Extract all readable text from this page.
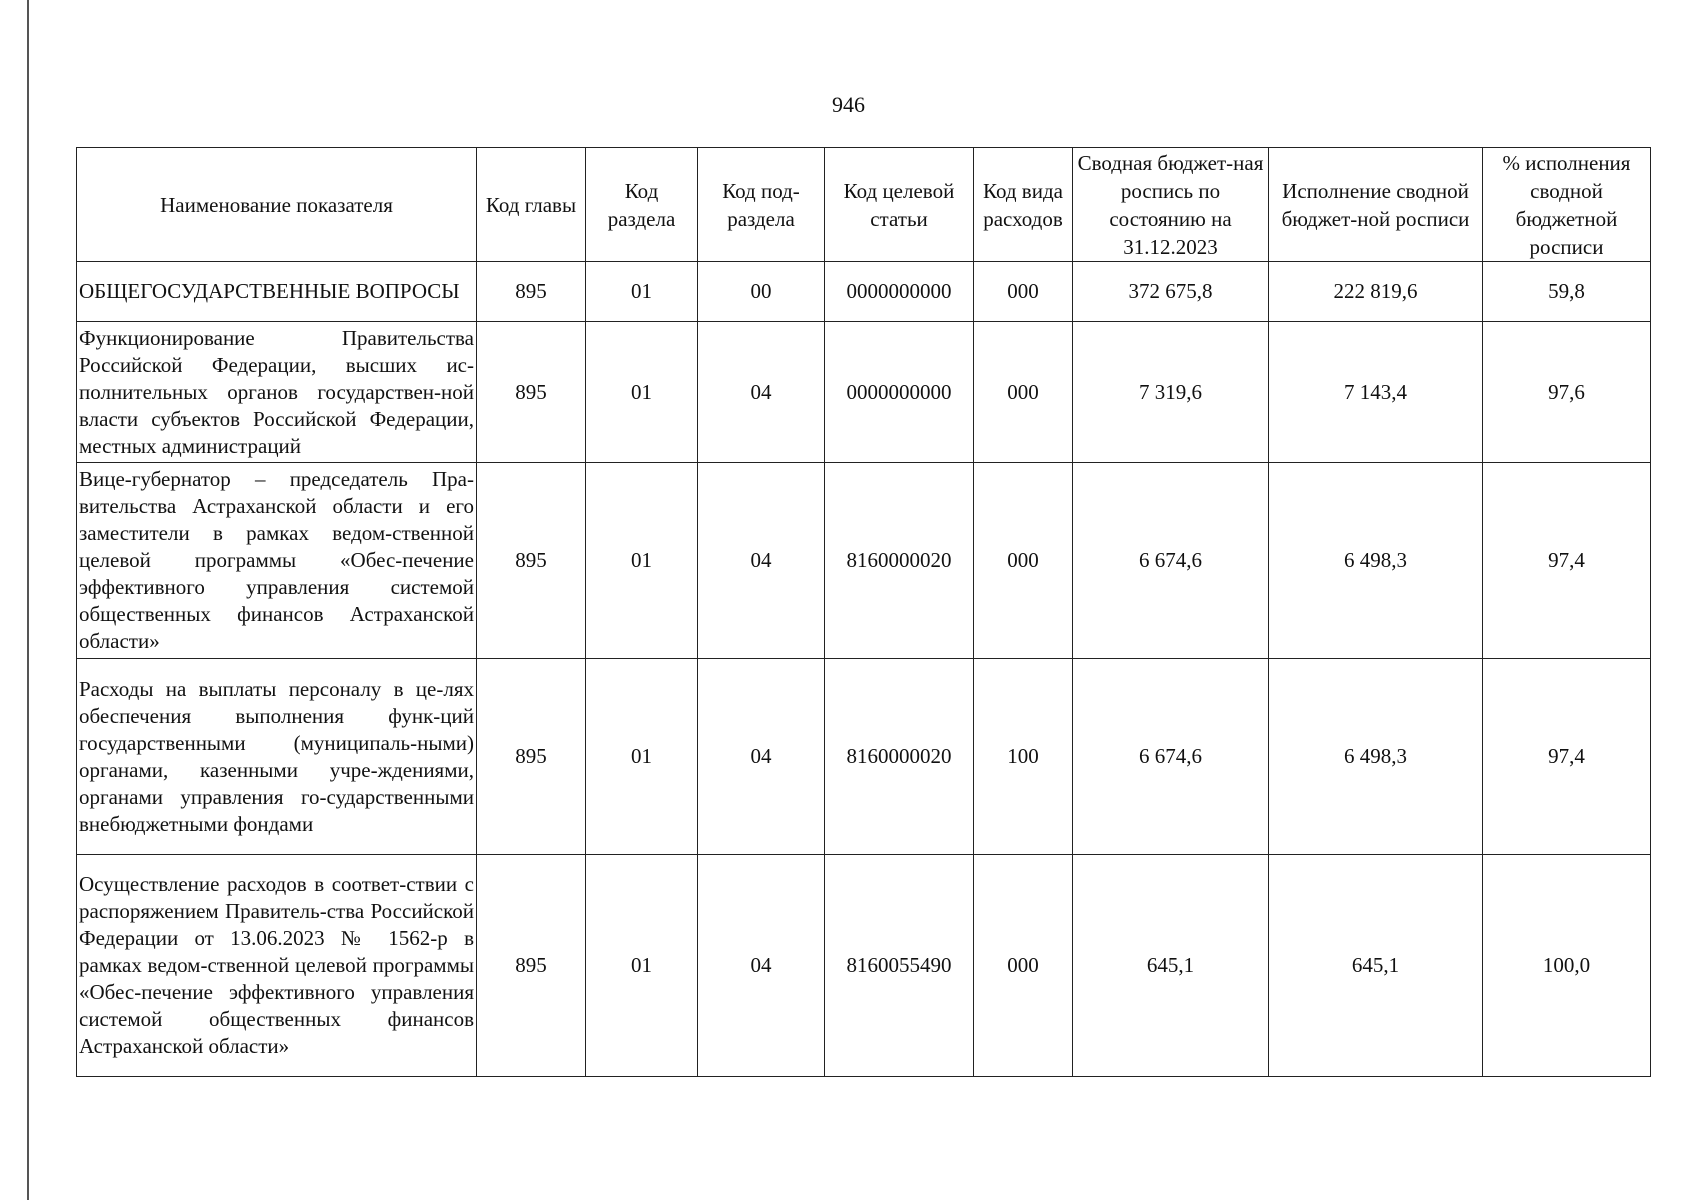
946
Наименование показателя	Код главы	Код раздела	Код под-раздела	Код целевой статьи	Код вида расходов	Сводная бюджет-ная роспись по состоянию на 31.12.2023	Исполнение сводной бюджет-ной росписи	% исполнения сводной бюджетной росписи
ОБЩЕГОСУДАРСТВЕННЫЕ ВОПРОСЫ	895	01	00	0000000000	000	372 675,8	222 819,6	59,8
Функционирование Правительства Российской Федерации, высших ис-полнительных органов государствен-ной власти субъектов Российской Федерации, местных администраций	895	01	04	0000000000	000	7 319,6	7 143,4	97,6
Вице-губернатор – председатель Пра-вительства Астраханской области и его заместители в рамках ведом-ственной целевой программы «Обес-печение эффективного управления системой общественных финансов Астраханской области»	895	01	04	8160000020	000	6 674,6	6 498,3	97,4
Расходы на выплаты персоналу в це-лях обеспечения выполнения функ-ций государственными (муниципаль-ными) органами, казенными учре-ждениями, органами управления го-сударственными внебюджетными фондами	895	01	04	8160000020	100	6 674,6	6 498,3	97,4
Осуществление расходов в соответ-ствии с распоряжением Правитель-ства Российской Федерации от 13.06.2023 № 1562-р в рамках ведом-ственной целевой программы «Обес-печение эффективного управления системой общественных финансов Астраханской области»	895	01	04	8160055490	000	645,1	645,1	100,0
